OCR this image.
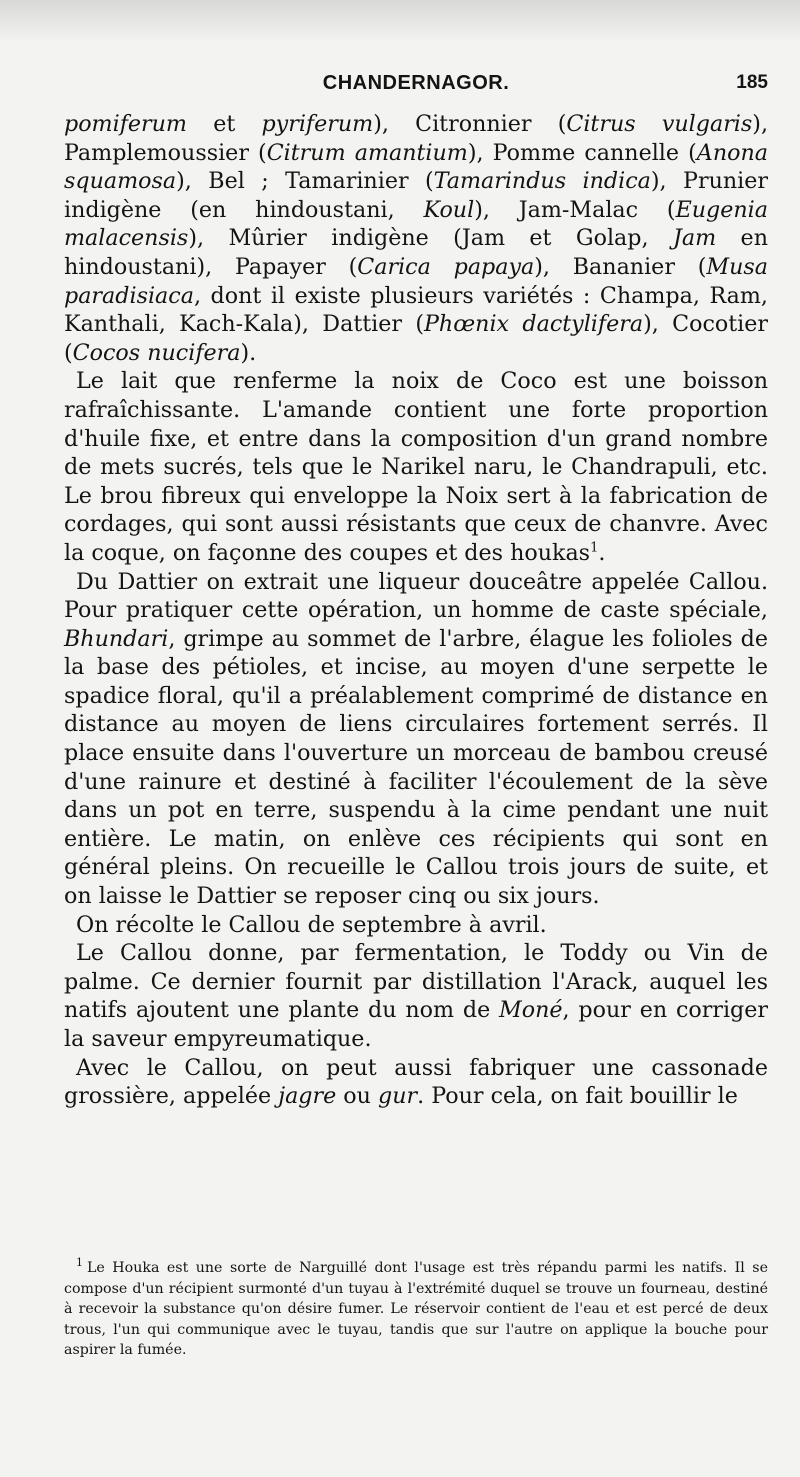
CHANDERNAGOR.	185

pomiferum et pyriferum), Citronnier (Citrus vulgaris), Pamplemoussier (Citrum amantium), Pomme cannelle (Anona squamosa), Bel ; Tamarinier (Tamarindus indica), Prunier indigène (en hindoustani, Koul), Jam-Malac (Eugenia malacensis), Mûrier indigène (Jam et Golap, Jam en hindoustani), Papayer (Carica papaya), Bananier (Musa paradisiaca, dont il existe plusieurs variétés : Champa, Ram, Kanthali, Kach-Kala), Dattier (Phœnix dactylifera), Cocotier (Cocos nucifera).

Le lait que renferme la noix de Coco est une boisson rafraîchissante. L'amande contient une forte proportion d'huile fixe, et entre dans la composition d'un grand nombre de mets sucrés, tels que le Narikel naru, le Chandrapuli, etc. Le brou fibreux qui enveloppe la Noix sert à la fabrication de cordages, qui sont aussi résistants que ceux de chanvre. Avec la coque, on façonne des coupes et des houkas$^1$.

Du Dattier on extrait une liqueur douceâtre appelée Callou. Pour pratiquer cette opération, un homme de caste spéciale, Bhundari, grimpe au sommet de l'arbre, élague les folioles de la base des pétioles, et incise, au moyen d'une serpette le spadice floral, qu'il a préalablement comprimé de distance en distance au moyen de liens circulaires fortement serrés. Il place ensuite dans l'ouverture un morceau de bambou creusé d'une rainure et destiné à faciliter l'écoulement de la sève dans un pot en terre, suspendu à la cime pendant une nuit entière. Le matin, on enlève ces récipients qui sont en général pleins. On recueille le Callou trois jours de suite, et on laisse le Dattier se reposer cinq ou six jours.

On récolte le Callou de septembre à avril.

Le Callou donne, par fermentation, le Toddy ou Vin de palme. Ce dernier fournit par distillation l'Arack, auquel les natifs ajoutent une plante du nom de Moné, pour en corriger la saveur empyreumatique.

Avec le Callou, on peut aussi fabriquer une cassonade grossière, appelée jagre ou gur. Pour cela, on fait bouillir le

$^1$ Le Houka est une sorte de Narguillé dont l'usage est très répandu parmi les natifs. Il se compose d'un récipient surmonté d'un tuyau à l'extrémité duquel se trouve un fourneau, destiné à recevoir la substance qu'on désire fumer. Le réservoir contient de l'eau et est percé de deux trous, l'un qui communique avec le tuyau, tandis que sur l'autre on applique la bouche pour aspirer la fumée.
